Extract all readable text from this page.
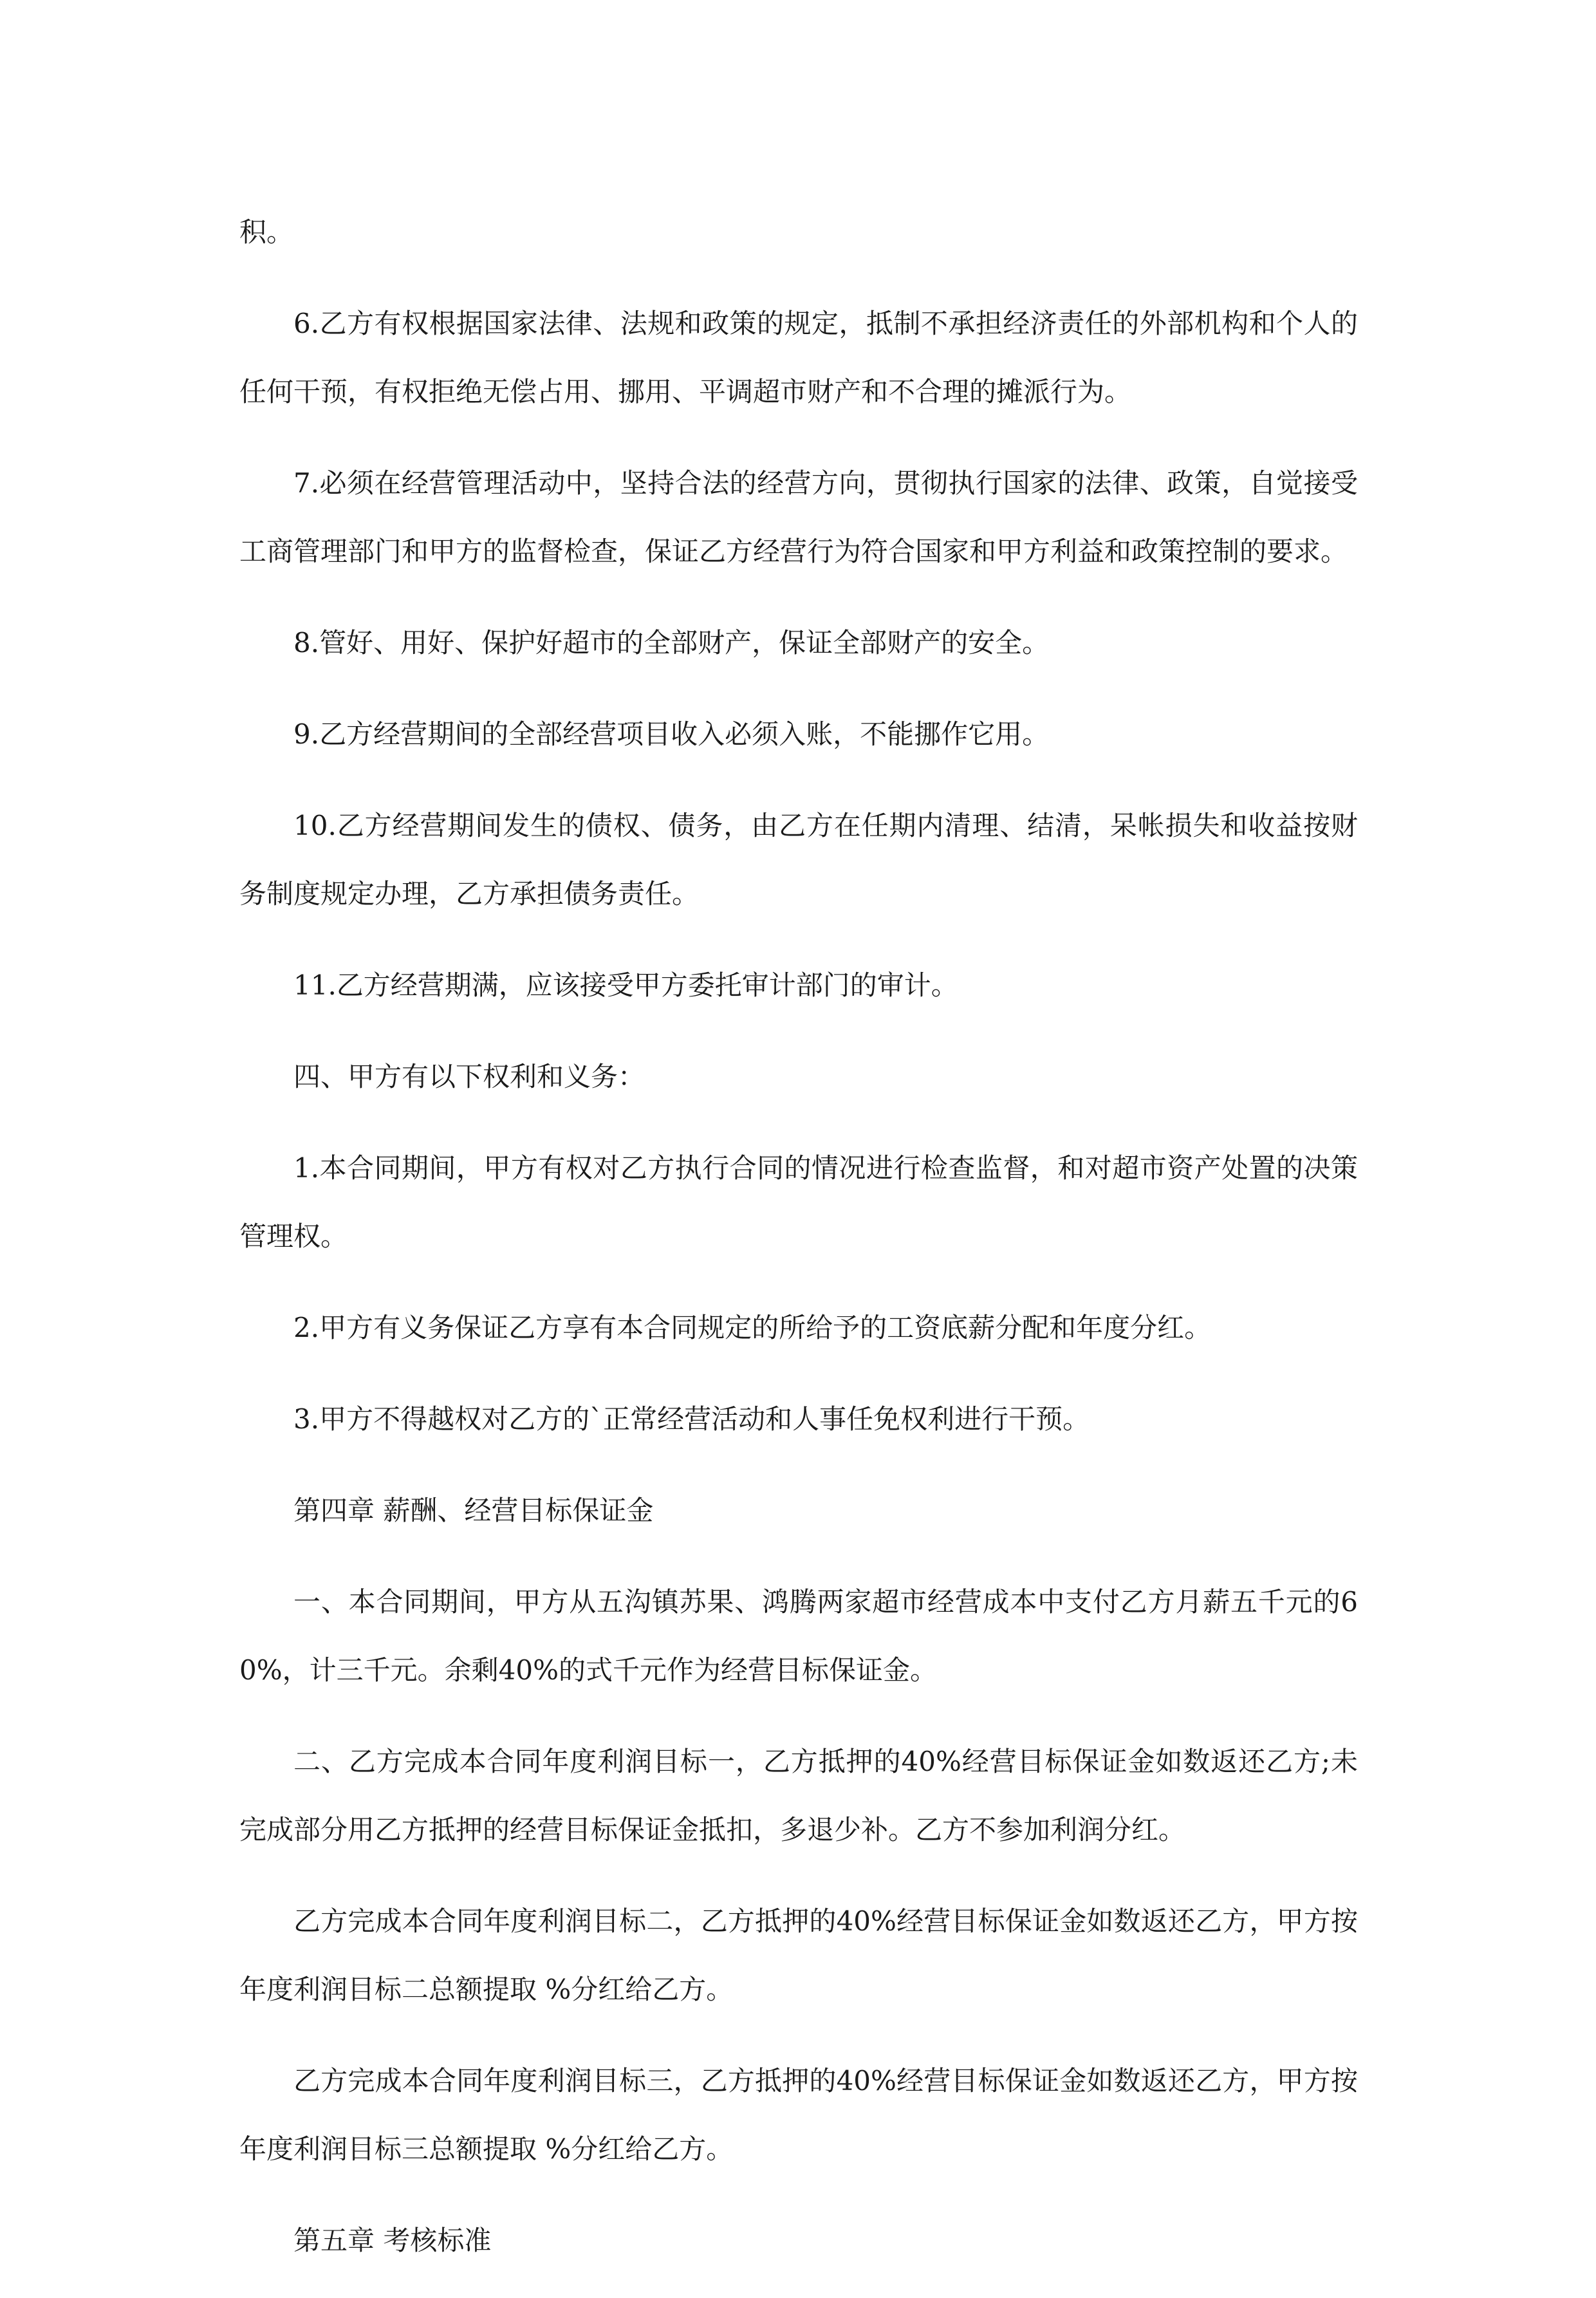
积。

6.乙方有权根据国家法律、法规和政策的规定，抵制不承担经济责任的外部机构和个人的任何干预，有权拒绝无偿占用、挪用、平调超市财产和不合理的摊派行为。

7.必须在经营管理活动中，坚持合法的经营方向，贯彻执行国家的法律、政策，自觉接受工商管理部门和甲方的监督检查，保证乙方经营行为符合国家和甲方利益和政策控制的要求。

8.管好、用好、保护好超市的全部财产，保证全部财产的安全。

9.乙方经营期间的全部经营项目收入必须入账，不能挪作它用。

10.乙方经营期间发生的债权、债务，由乙方在任期内清理、结清，呆帐损失和收益按财务制度规定办理，乙方承担债务责任。

11.乙方经营期满，应该接受甲方委托审计部门的审计。

四、甲方有以下权利和义务：

1.本合同期间，甲方有权对乙方执行合同的情况进行检查监督，和对超市资产处置的决策管理权。

2.甲方有义务保证乙方享有本合同规定的所给予的工资底薪分配和年度分红。

3.甲方不得越权对乙方的`正常经营活动和人事任免权利进行干预。

第四章 薪酬、经营目标保证金

一、本合同期间，甲方从五沟镇苏果、鸿腾两家超市经营成本中支付乙方月薪五千元的60%，计三千元。余剩40%的式千元作为经营目标保证金。

二、乙方完成本合同年度利润目标一，乙方抵押的40%经营目标保证金如数返还乙方;未完成部分用乙方抵押的经营目标保证金抵扣，多退少补。乙方不参加利润分红。

乙方完成本合同年度利润目标二，乙方抵押的40%经营目标保证金如数返还乙方，甲方按年度利润目标二总额提取 %分红给乙方。

乙方完成本合同年度利润目标三，乙方抵押的40%经营目标保证金如数返还乙方，甲方按年度利润目标三总额提取 %分红给乙方。

第五章 考核标准
